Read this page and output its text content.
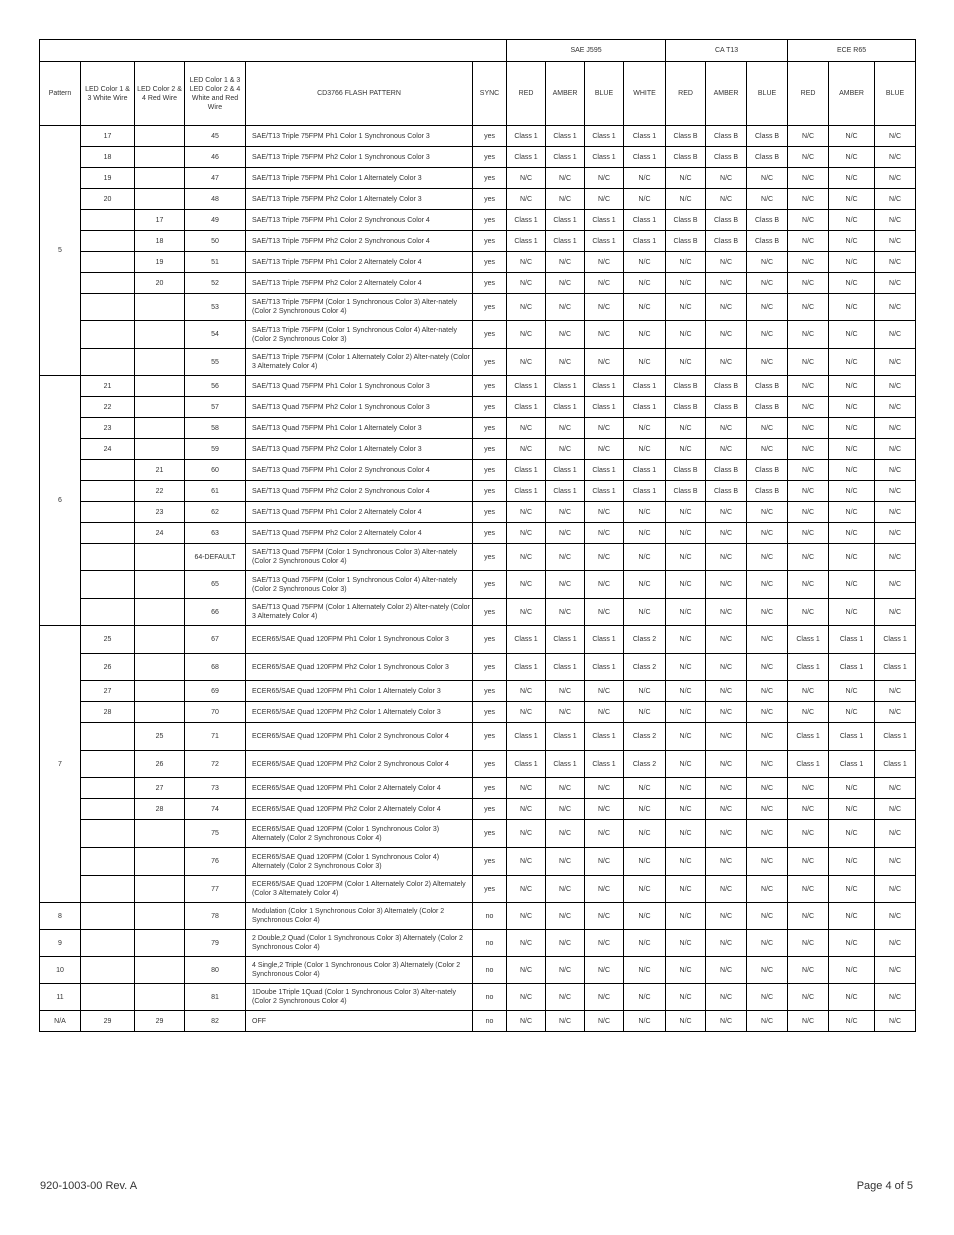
						SAE J595				CA T13			ECE R65		
Pattern	LED Color 1 & 3 White Wire	LED Color 2 & 4 Red Wire	LED Color 1 & 3 LED Color 2 & 4 White and Red Wire	CD3766 FLASH PATTERN	SYNC	RED	AMBER	BLUE	WHITE	RED	AMBER	BLUE	RED	AMBER	BLUE
5	17		45	SAE/T13 Triple 75FPM Ph1 Color 1 Synchronous Color 3	yes	Class 1	Class 1	Class 1	Class 1	Class B	Class B	Class B	N/C	N/C	N/C
	18		46	SAE/T13 Triple 75FPM Ph2 Color 1 Synchronous Color 3	yes	Class 1	Class 1	Class 1	Class 1	Class B	Class B	Class B	N/C	N/C	N/C
	19		47	SAE/T13 Triple 75FPM Ph1 Color 1 Alternately Color 3	yes	N/C	N/C	N/C	N/C	N/C	N/C	N/C	N/C	N/C	N/C
	20		48	SAE/T13 Triple 75FPM Ph2 Color 1 Alternately Color 3	yes	N/C	N/C	N/C	N/C	N/C	N/C	N/C	N/C	N/C	N/C
		17	49	SAE/T13 Triple 75FPM Ph1 Color 2 Synchronous Color 4	yes	Class 1	Class 1	Class 1	Class 1	Class B	Class B	Class B	N/C	N/C	N/C
		18	50	SAE/T13 Triple 75FPM Ph2 Color 2 Synchronous Color 4	yes	Class 1	Class 1	Class 1	Class 1	Class B	Class B	Class B	N/C	N/C	N/C
		19	51	SAE/T13 Triple 75FPM Ph1 Color 2 Alternately Color 4	yes	N/C	N/C	N/C	N/C	N/C	N/C	N/C	N/C	N/C	N/C
		20	52	SAE/T13 Triple 75FPM Ph2 Color 2 Alternately Color 4	yes	N/C	N/C	N/C	N/C	N/C	N/C	N/C	N/C	N/C	N/C
			53	SAE/T13 Triple 75FPM (Color 1 Synchronous Color 3) Alter-nately (Color 2 Synchronous Color 4)	yes	N/C	N/C	N/C	N/C	N/C	N/C	N/C	N/C	N/C	N/C
			54	SAE/T13 Triple 75FPM (Color 1 Synchronous Color 4) Alter-nately (Color 2 Synchronous Color 3)	yes	N/C	N/C	N/C	N/C	N/C	N/C	N/C	N/C	N/C	N/C
			55	SAE/T13 Triple 75FPM (Color 1 Alternately Color 2) Alter-nately (Color 3 Alternately Color 4)	yes	N/C	N/C	N/C	N/C	N/C	N/C	N/C	N/C	N/C	N/C
6	21		56	SAE/T13 Quad 75FPM Ph1 Color 1 Synchronous Color 3	yes	Class 1	Class 1	Class 1	Class 1	Class B	Class B	Class B	N/C	N/C	N/C
	22		57	SAE/T13 Quad 75FPM Ph2 Color 1 Synchronous Color 3	yes	Class 1	Class 1	Class 1	Class 1	Class B	Class B	Class B	N/C	N/C	N/C
	23		58	SAE/T13 Quad 75FPM Ph1 Color 1 Alternately Color 3	yes	N/C	N/C	N/C	N/C	N/C	N/C	N/C	N/C	N/C	N/C
	24		59	SAE/T13 Quad 75FPM Ph2 Color 1 Alternately Color 3	yes	N/C	N/C	N/C	N/C	N/C	N/C	N/C	N/C	N/C	N/C
		21	60	SAE/T13 Quad 75FPM Ph1 Color 2 Synchronous Color 4	yes	Class 1	Class 1	Class 1	Class 1	Class B	Class B	Class B	N/C	N/C	N/C
		22	61	SAE/T13 Quad 75FPM Ph2 Color 2 Synchronous Color 4	yes	Class 1	Class 1	Class 1	Class 1	Class B	Class B	Class B	N/C	N/C	N/C
		23	62	SAE/T13 Quad 75FPM Ph1 Color 2 Alternately Color 4	yes	N/C	N/C	N/C	N/C	N/C	N/C	N/C	N/C	N/C	N/C
		24	63	SAE/T13 Quad 75FPM Ph2 Color 2 Alternately Color 4	yes	N/C	N/C	N/C	N/C	N/C	N/C	N/C	N/C	N/C	N/C
			64-DEFAULT	SAE/T13 Quad 75FPM (Color 1 Synchronous Color 3) Alter-nately (Color 2 Synchronous Color 4)	yes	N/C	N/C	N/C	N/C	N/C	N/C	N/C	N/C	N/C	N/C
			65	SAE/T13 Quad 75FPM (Color 1 Synchronous Color 4) Alter-nately (Color 2 Synchronous Color 3)	yes	N/C	N/C	N/C	N/C	N/C	N/C	N/C	N/C	N/C	N/C
			66	SAE/T13 Quad 75FPM (Color 1 Alternately Color 2) Alter-nately (Color 3 Alternately Color 4)	yes	N/C	N/C	N/C	N/C	N/C	N/C	N/C	N/C	N/C	N/C
7	25		67	ECER65/SAE Quad 120FPM Ph1 Color 1 Synchronous Color 3	yes	Class 1	Class 1	Class 1	Class 2	N/C	N/C	N/C	Class 1	Class 1	Class 1
	26		68	ECER65/SAE Quad 120FPM Ph2 Color 1 Synchronous Color 3	yes	Class 1	Class 1	Class 1	Class 2	N/C	N/C	N/C	Class 1	Class 1	Class 1
	27		69	ECER65/SAE Quad 120FPM Ph1 Color 1 Alternately Color 3	yes	N/C	N/C	N/C	N/C	N/C	N/C	N/C	N/C	N/C	N/C
	28		70	ECER65/SAE Quad 120FPM Ph2 Color 1 Alternately Color 3	yes	N/C	N/C	N/C	N/C	N/C	N/C	N/C	N/C	N/C	N/C
		25	71	ECER65/SAE Quad 120FPM Ph1 Color 2 Synchronous Color 4	yes	Class 1	Class 1	Class 1	Class 2	N/C	N/C	N/C	Class 1	Class 1	Class 1
		26	72	ECER65/SAE Quad 120FPM Ph2 Color 2 Synchronous Color 4	yes	Class 1	Class 1	Class 1	Class 2	N/C	N/C	N/C	Class 1	Class 1	Class 1
		27	73	ECER65/SAE Quad 120FPM Ph1 Color 2 Alternately Color 4	yes	N/C	N/C	N/C	N/C	N/C	N/C	N/C	N/C	N/C	N/C
		28	74	ECER65/SAE Quad 120FPM Ph2 Color 2 Alternately Color 4	yes	N/C	N/C	N/C	N/C	N/C	N/C	N/C	N/C	N/C	N/C
			75	ECER65/SAE Quad 120FPM (Color 1 Synchronous Color 3) Alternately (Color 2 Synchronous Color 4)	yes	N/C	N/C	N/C	N/C	N/C	N/C	N/C	N/C	N/C	N/C
			76	ECER65/SAE Quad 120FPM (Color 1 Synchronous Color 4) Alternately (Color 2 Synchronous Color 3)	yes	N/C	N/C	N/C	N/C	N/C	N/C	N/C	N/C	N/C	N/C
			77	ECER65/SAE Quad 120FPM (Color 1 Alternately Color 2) Alternately (Color 3 Alternately Color 4)	yes	N/C	N/C	N/C	N/C	N/C	N/C	N/C	N/C	N/C	N/C
8			78	Modulation (Color 1 Synchronous Color 3) Alternately (Color 2 Synchronous Color 4)	no	N/C	N/C	N/C	N/C	N/C	N/C	N/C	N/C	N/C	N/C
9			79	2 Double,2 Quad (Color 1 Synchronous Color 3) Alternately (Color 2 Synchronous Color 4)	no	N/C	N/C	N/C	N/C	N/C	N/C	N/C	N/C	N/C	N/C
10			80	4 Single,2 Triple (Color 1 Synchronous Color 3) Alternately (Color 2 Synchronous Color 4)	no	N/C	N/C	N/C	N/C	N/C	N/C	N/C	N/C	N/C	N/C
11			81	1Doube 1Triple 1Quad (Color 1 Synchronous Color 3) Alter-nately (Color 2 Synchronous Color 4)	no	N/C	N/C	N/C	N/C	N/C	N/C	N/C	N/C	N/C	N/C
N/A	29	29	82	OFF	no	N/C	N/C	N/C	N/C	N/C	N/C	N/C	N/C	N/C	N/C
920-1003-00 Rev. A	Page 4 of 5
